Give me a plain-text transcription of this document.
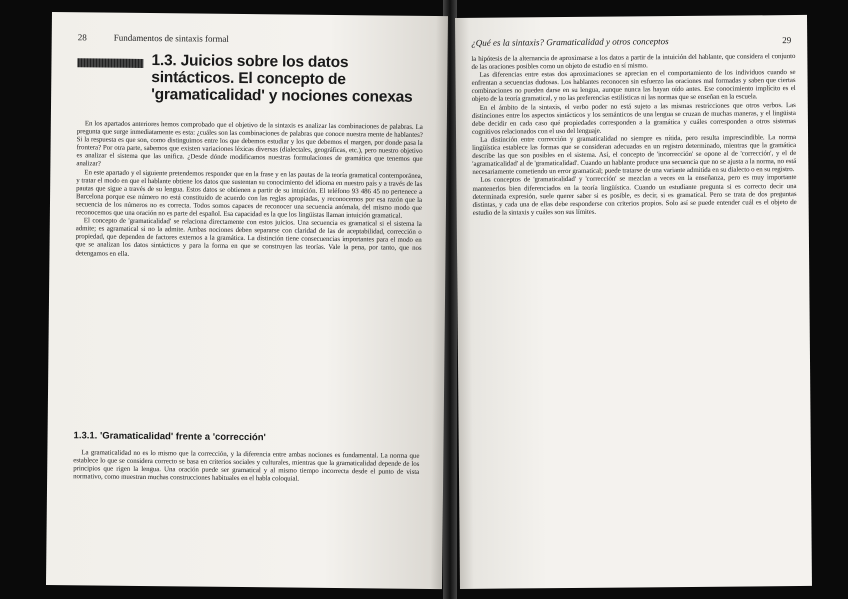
28	Fundamentos de sintaxis formal
1.3. Juicios sobre los datos sintácticos. El concepto de 'gramaticalidad' y nociones conexas

En los apartados anteriores hemos comprobado que el objetivo de la sintaxis es analizar las combinaciones de palabras. La pregunta que surge inmediatamente es esta: ¿cuáles son las combinaciones de palabras que conoce nuestra mente de hablantes? Si la respuesta es que son, como distinguimos entre los que debemos estudiar y los que debemos el margen, por donde pasa la frontera? Por otra parte, sabemos que existen variaciones léxicas diversas (dialectales, geográficas, etc.), pero nuestro objetivo es analizar el sistema que las unifica. ¿Desde dónde modificamos nuestras formulaciones de gramática que tenemos que analizar?

En este apartado y el siguiente pretendemos responder que en la frase y en las pautas de la teoría gramatical contemporánea, y tratar el modo en que el hablante obtiene los datos que sustentan su conocimiento del idioma en nuestro país y a través de las pautas que sigue a través de su lengua. Estos datos se obtienen a partir de su intuición. El teléfono 93 486 45 no pertenece a Barcelona porque ese número no está constituido de acuerdo con las reglas apropiadas, y reconocemos por esa razón que la secuencia de los números no es correcta. Todos somos capaces de reconocer una secuencia anómala, del mismo modo que reconocemos que una oración no es parte del español. Esa capacidad es la que los lingüistas llaman intuición gramatical.

El concepto de 'gramaticalidad' se relaciona directamente con estos juicios. Una secuencia es gramatical si el sistema la admite; es agramatical si no la admite. Ambas nociones deben separarse con claridad de las de aceptabilidad, corrección o propiedad, que dependen de factores externos a la gramática. La distinción tiene consecuencias importantes para el modo en que se analizan los datos sintácticos y para la forma en que se construyen las teorías. Vale la pena, por tanto, que nos detengamos en ella.

1.3.1. 'Gramaticalidad' frente a 'corrección'

La gramaticalidad no es lo mismo que la corrección, y la diferencia entre ambas nociones es fundamental. La norma que establece lo que se considera correcto se basa en criterios sociales y culturales, mientras que la gramaticalidad depende de los principios que rigen la lengua. Una oración puede ser gramatical y al mismo tiempo incorrecta desde el punto de vista normativo, como muestran muchas construcciones habituales en el habla coloquial.

¿Qué es la sintaxis? Gramaticalidad y otros conceptos	29

la hipótesis de la alternancia de aproximarse a los datos a partir de la intuición del hablante, que considera el conjunto de las oraciones posibles como un objeto de estudio en sí mismo.

Las diferencias entre estas dos aproximaciones se aprecian en el comportamiento de los individuos cuando se enfrentan a secuencias dudosas. Los hablantes reconocen sin esfuerzo las oraciones mal formadas y saben que ciertas combinaciones no pueden darse en su lengua, aunque nunca las hayan oído antes. Ese conocimiento implícito es el objeto de la teoría gramatical, y no las preferencias estilísticas ni las normas que se enseñan en la escuela.

En el ámbito de la sintaxis, el verbo poder no está sujeto a las mismas restricciones que otros verbos. Las distinciones entre los aspectos sintácticos y los semánticos de una lengua se cruzan de muchas maneras, y el lingüista debe decidir en cada caso qué propiedades corresponden a la gramática y cuáles corresponden a otros sistemas cognitivos relacionados con el uso del lenguaje.

La distinción entre corrección y gramaticalidad no siempre es nítida, pero resulta imprescindible. La norma lingüística establece las formas que se consideran adecuadas en un registro determinado, mientras que la gramática describe las que son posibles en el sistema. Así, el concepto de 'incorrección' se opone al de 'corrección', y el de 'agramaticalidad' al de 'gramaticalidad'. Cuando un hablante produce una secuencia que no se ajusta a la norma, no está necesariamente cometiendo un error gramatical; puede tratarse de una variante admitida en su dialecto o en su registro.

Los conceptos de 'gramaticalidad' y 'corrección' se mezclan a veces en la enseñanza, pero es muy importante mantenerlos bien diferenciados en la teoría lingüística. Cuando un estudiante pregunta si es correcto decir una determinada expresión, suele querer saber si es posible, es decir, si es gramatical. Pero se trata de dos preguntas distintas, y cada una de ellas debe responderse con criterios propios. Solo así se puede entender cuál es el objeto de estudio de la sintaxis y cuáles son sus límites.
